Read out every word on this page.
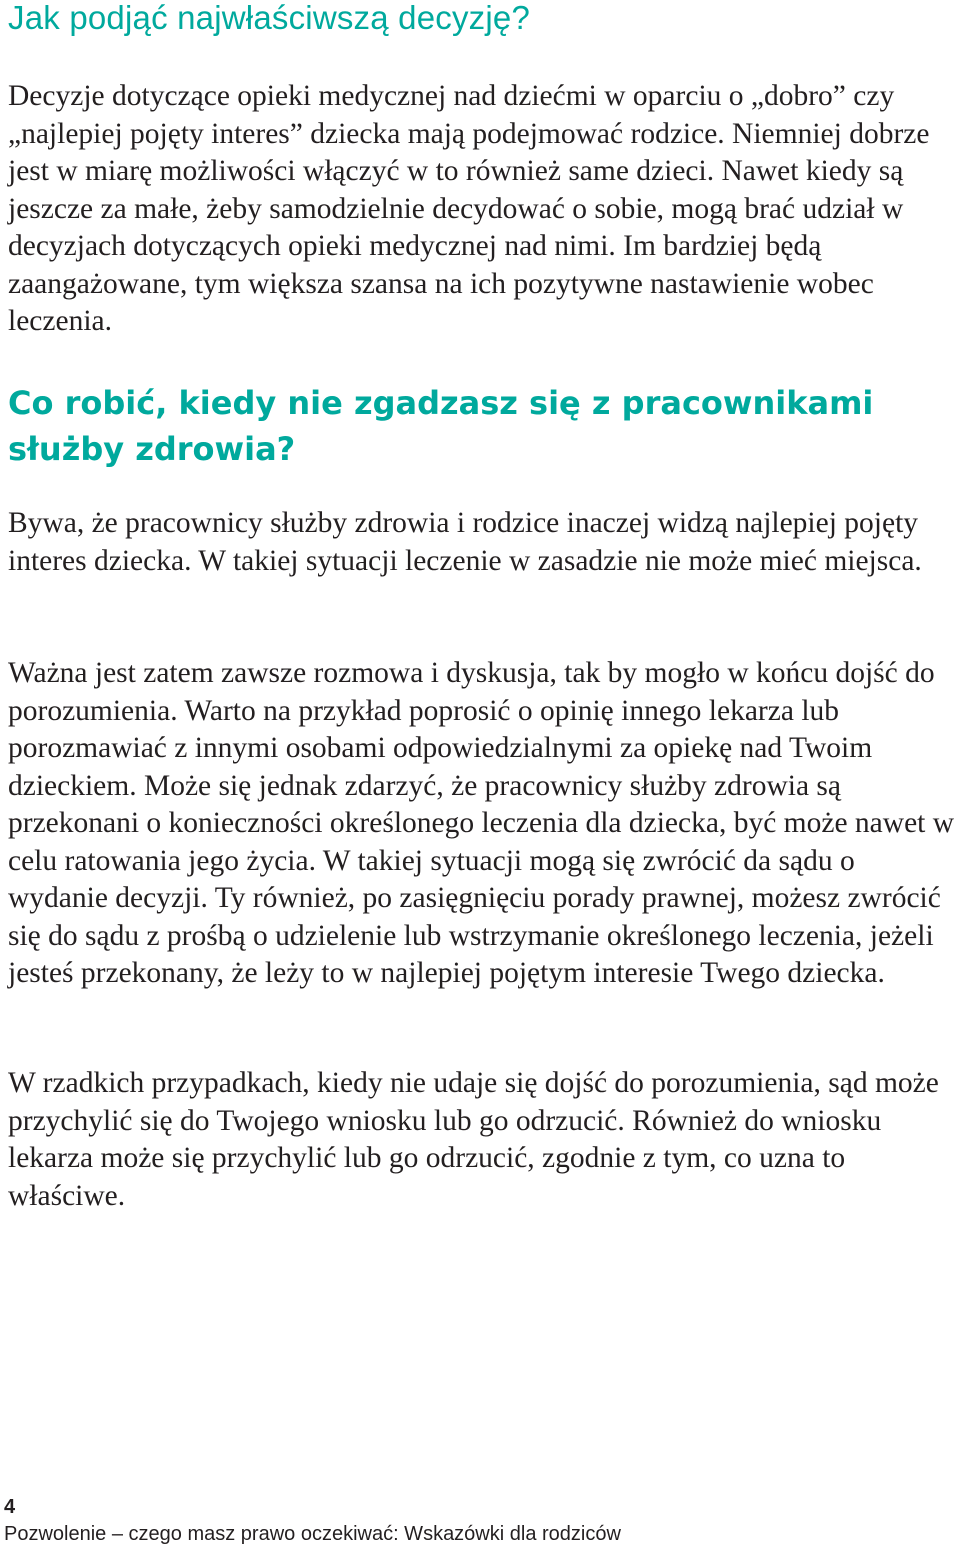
Jak podjąć najwłaściwszą decyzję?

Decyzje dotyczące opieki medycznej nad dziećmi w oparciu o „dobro” czy „najlepiej pojęty interes” dziecka mają podejmować rodzice. Niemniej dobrze jest w miarę możliwości włączyć w to również same dzieci. Nawet kiedy są jeszcze za małe, żeby samodzielnie decydować o sobie, mogą brać udział w decyzjach dotyczących opieki medycznej nad nimi. Im bardziej będą zaangażowane, tym większa szansa na ich pozytywne nastawienie wobec leczenia.

Co robić, kiedy nie zgadzasz się z pracownikami służby zdrowia?

Bywa, że pracownicy służby zdrowia i rodzice inaczej widzą najlepiej pojęty interes dziecka. W takiej sytuacji leczenie w zasadzie nie może mieć miejsca.

Ważna jest zatem zawsze rozmowa i dyskusja, tak by mogło w końcu dojść do porozumienia. Warto na przykład poprosić o opinię innego lekarza lub porozmawiać z innymi osobami odpowiedzialnymi za opiekę nad Twoim dzieckiem. Może się jednak zdarzyć, że pracownicy służby zdrowia są przekonani o konieczności określonego leczenia dla dziecka, być może nawet w celu ratowania jego życia. W takiej sytuacji mogą się zwrócić da sądu o wydanie decyzji. Ty również, po zasięgnięciu porady prawnej, możesz zwrócić się do sądu z prośbą o udzielenie lub wstrzymanie określonego leczenia, jeżeli jesteś przekonany, że leży to w najlepiej pojętym interesie Twego dziecka.

W rzadkich przypadkach, kiedy nie udaje się dojść do porozumienia, sąd może przychylić się do Twojego wniosku lub go odrzucić. Również do wniosku lekarza może się przychylić lub go odrzucić, zgodnie z tym, co uzna to właściwe.

4
Pozwolenie – czego masz prawo oczekiwać: Wskazówki dla rodziców
